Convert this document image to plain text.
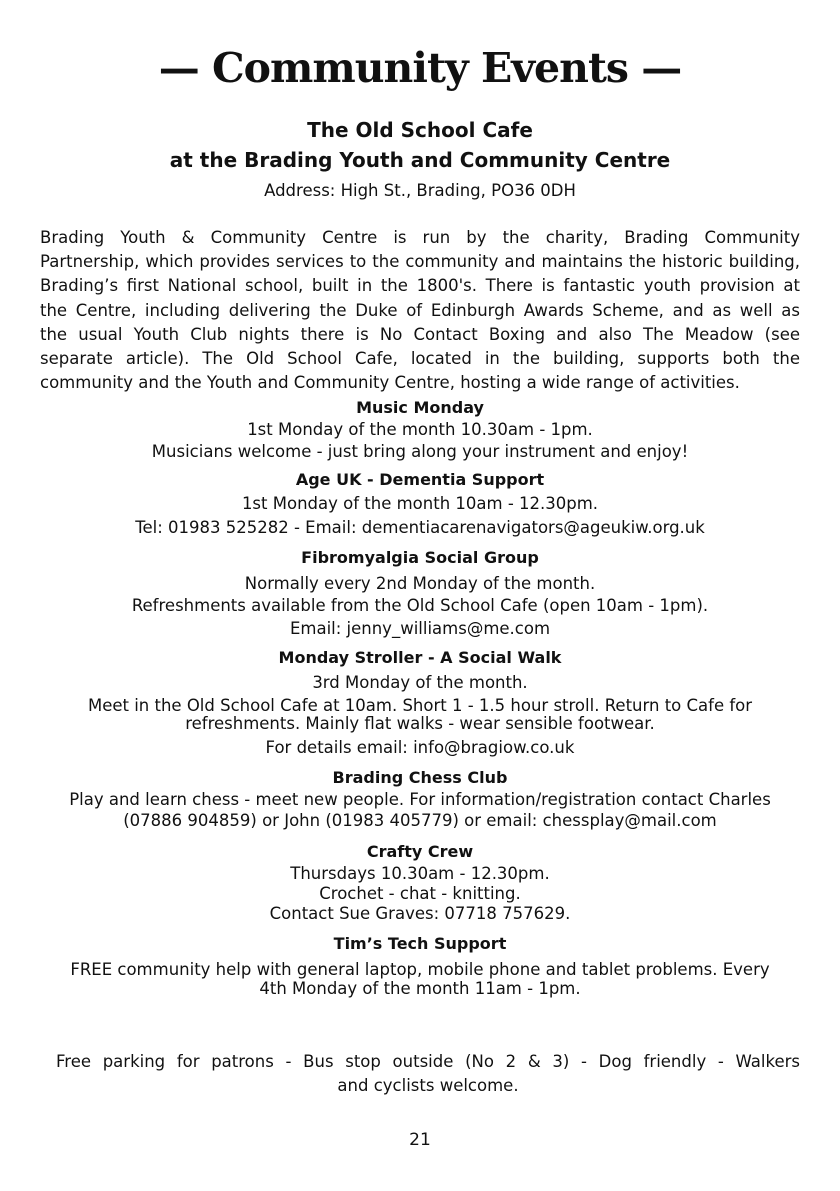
— Community Events —
The Old School Cafe
at the Brading Youth and Community Centre

Address: High St., Brading, PO36 0DH

Brading Youth & Community Centre is run by the charity, Brading Community
Partnership, which provides services to the community and maintains the historic building,
Brading’s first National school, built in the 1800's. There is fantastic youth provision at
the Centre, including delivering the Duke of Edinburgh Awards Scheme, and as well as
the usual Youth Club nights there is No Contact Boxing and also The Meadow (see
separate article). The Old School Cafe, located in the building, supports both the
community and the Youth and Community Centre, hosting a wide range of activities.

Music Monday

1st Monday of the month 10.30am - 1pm.

Musicians welcome - just bring along your instrument and enjoy!

Age UK - Dementia Support

1st Monday of the month 10am - 12.30pm.

Tel: 01983 525282 - Email: dementiacarenavigators@ageukiw.org.uk

Fibromyalgia Social Group

Normally every 2nd Monday of the month.

Refreshments available from the Old School Cafe (open 10am - 1pm).

Email: jenny_williams@me.com

Monday Stroller - A Social Walk

3rd Monday of the month.

Meet in the Old School Cafe at 10am. Short 1 - 1.5 hour stroll. Return to Cafe for

refreshments. Mainly flat walks - wear sensible footwear.

For details email: info@bragiow.co.uk

Brading Chess Club

Play and learn chess - meet new people. For information/registration contact Charles

(07886 904859) or John (01983 405779) or email: chessplay@mail.com

Crafty Crew

Thursdays 10.30am - 12.30pm.

Crochet - chat - knitting.

Contact Sue Graves: 07718 757629.

Tim’s Tech Support

FREE community help with general laptop, mobile phone and tablet problems. Every

4th Monday of the month 11am - 1pm.

Free parking for patrons - Bus stop outside (No 2 & 3) - Dog friendly - Walkers
and cyclists welcome.

21
